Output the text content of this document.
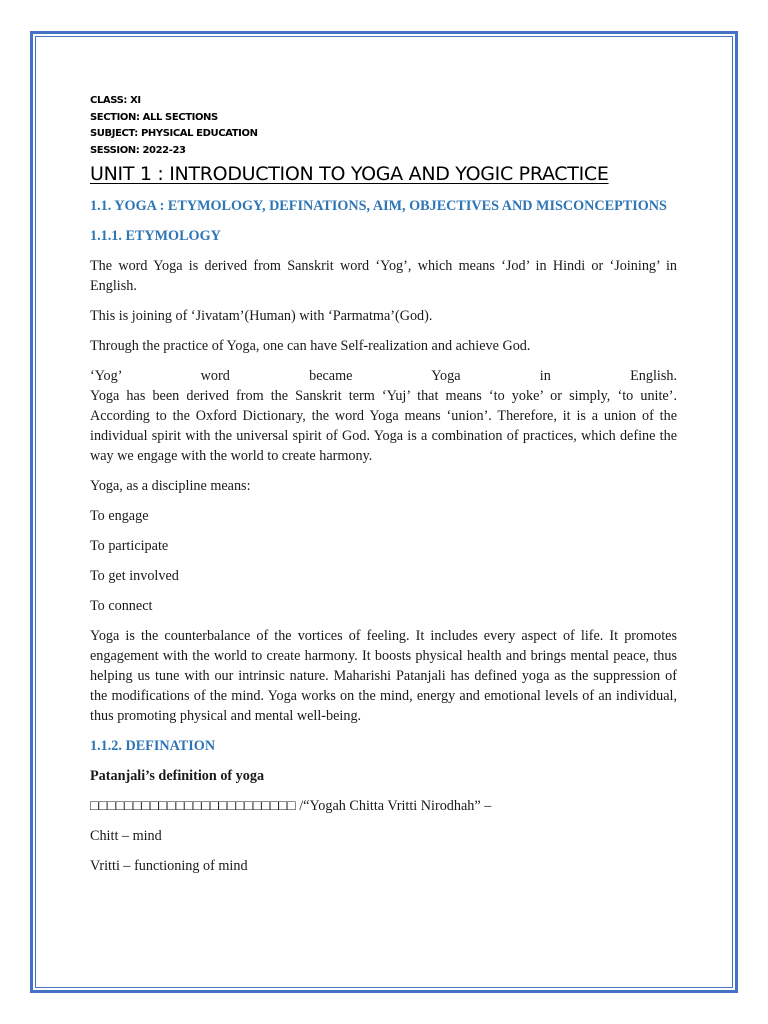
CLASS: XI
SECTION: ALL SECTIONS
SUBJECT: PHYSICAL EDUCATION
SESSION: 2022-23
UNIT 1 : INTRODUCTION TO YOGA AND YOGIC PRACTICE
1.1. YOGA : ETYMOLOGY, DEFINATIONS, AIM, OBJECTIVES AND MISCONCEPTIONS
1.1.1. ETYMOLOGY

The word Yoga is derived from Sanskrit word ‘Yog’, which means ‘Jod’ in Hindi or ‘Joining’ in English.

This is joining of ‘Jivatam’(Human) with ‘Parmatma’(God).

Through the practice of Yoga, one can have Self-realization and achieve God.

‘Yog’ word became Yoga in English.
Yoga has been derived from the Sanskrit term ‘Yuj’ that means ‘to yoke’ or simply, ‘to unite’. According to the Oxford Dictionary, the word Yoga means ‘union’. Therefore, it is a union of the individual spirit with the universal spirit of God. Yoga is a combination of practices, which define the way we engage with the world to create harmony.

Yoga, as a discipline means:

To engage

To participate

To get involved

To connect

Yoga is the counterbalance of the vortices of feeling. It includes every aspect of life. It promotes engagement with the world to create harmony. It boosts physical health and brings mental peace, thus helping us tune with our intrinsic nature. Maharishi Patanjali has defined yoga as the suppression of the modifications of the mind. Yoga works on the mind, energy and emotional levels of an individual, thus promoting physical and mental well-being.

1.1.2. DEFINATION

Patanjali’s definition of yoga

□□□□□□□□□□□□□□□□□□□□□□□□ /“Yogah Chitta Vritti Nirodhah” –

Chitt – mind

Vritti – functioning of mind
